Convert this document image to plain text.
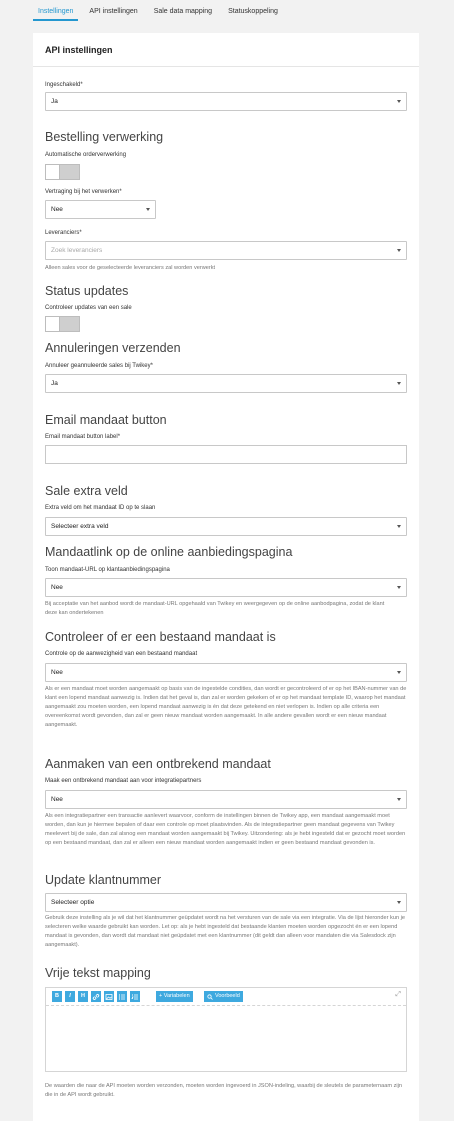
Instellingen	API instellingen	Sale data mapping	Statuskoppeling
API instellingen
Ingeschakeld*
Ja
Bestelling verwerking
Automatische orderverwerking
Vertraging bij het verwerken*
Nee
Leveranciers*
Zoek leveranciers
Alleen sales voor de geselecteerde leveranciers zal worden verwerkt
Status updates
Controleer updates van een sale
Annuleringen verzenden
Annuleer geannuleerde sales bij Twikey*
Ja
Email mandaat button
Email mandaat button label*
Sale extra veld
Extra veld om het mandaat ID op te slaan
Selecteer extra veld
Mandaatlink op de online aanbiedingspagina
Toon mandaat-URL op klantaanbiedingspagina
Nee
Bij acceptatie van het aanbod wordt de mandaat-URL opgehaald van Twikey en weergegeven op de online aanbodpagina, zodat de klant deze kan ondertekenen
Controleer of er een bestaand mandaat is
Controle op de aanwezigheid van een bestaand mandaat
Nee
Als er een mandaat moet worden aangemaakt op basis van de ingestelde condities, dan wordt er gecontroleerd of er op het IBAN-nummer van de klant een lopend mandaat aanwezig is. Indien dat het geval is, dan zal er worden gekeken of er op het mandaat template ID, waarop het mandaat aangemaakt zou moeten worden, een lopend mandaat aanwezig is én dat deze getekend en niet verlopen is. Indien op alle criteria een overeenkomst wordt gevonden, dan zal er geen nieuw mandaat worden aangemaakt. In alle andere gevallen wordt er een nieuw mandaat aangemaakt.
Aanmaken van een ontbrekend mandaat
Maak een ontbrekend mandaat aan voor integratiepartners
Nee
Als een integratiepartner een transactie aanlevert waarvoor, conform de instellingen binnen de Twikey app, een mandaat aangemaakt moet worden, dan kun je hiermee bepalen of daar een controle op moet plaatsvinden. Als de integratiepartner geen mandaat gegevens van Twikey meelevert bij de sale, dan zal alsnog een mandaat worden aangemaakt bij Twikey. Uitzondering: als je hebt ingesteld dat er gezocht moet worden op een bestaand mandaat, dan zal er alleen een nieuw mandaat worden aangemaakt indien er geen bestaand mandaat gevonden is.
Update klantnummer
Selecteer optie
Gebruik deze instelling als je wil dat het klantnummer geüpdatet wordt na het versturen van de sale via een integratie. Via de lijst hieronder kun je selecteren welke waarde gebruikt kan worden. Let op: als je hebt ingesteld dat bestaande klanten moeten worden opgezocht én er een lopend mandaat is gevonden, dan wordt dat mandaat niet geüpdatet met een klantnummer (dit geldt dan alleen voor mandaten die via Salesdock zijn aangemaakt).
Vrije tekst mapping
B	I	H	+ Variabelen	Voorbeeld	⤢
De waarden die naar de API moeten worden verzonden, moeten worden ingevoerd in JSON-indeling, waarbij de sleutels de parameternaam zijn die in de API wordt gebruikt.
